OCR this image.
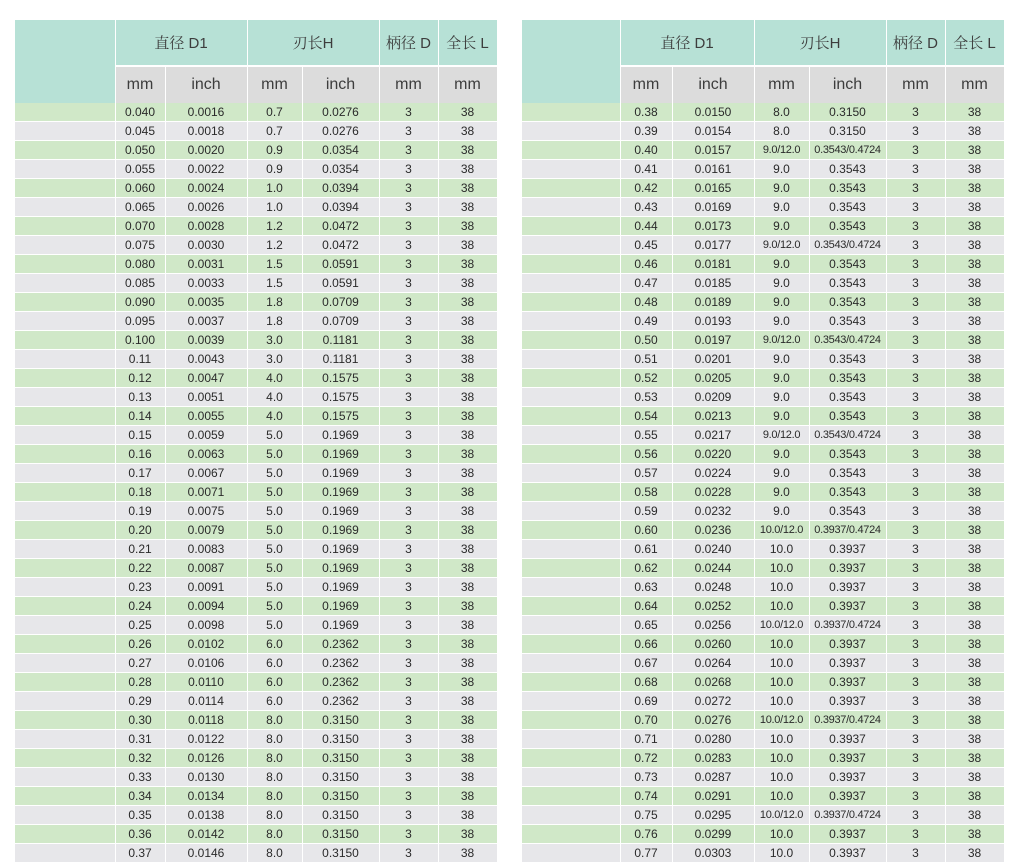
	直径 D1		刃长H		柄径 D	全长 L
	mm	inch	mm	inch	mm	mm
	0.040	0.0016	0.7	0.0276	3	38
	0.045	0.0018	0.7	0.0276	3	38
	0.050	0.0020	0.9	0.0354	3	38
	0.055	0.0022	0.9	0.0354	3	38
	0.060	0.0024	1.0	0.0394	3	38
	0.065	0.0026	1.0	0.0394	3	38
	0.070	0.0028	1.2	0.0472	3	38
	0.075	0.0030	1.2	0.0472	3	38
	0.080	0.0031	1.5	0.0591	3	38
	0.085	0.0033	1.5	0.0591	3	38
	0.090	0.0035	1.8	0.0709	3	38
	0.095	0.0037	1.8	0.0709	3	38
	0.100	0.0039	3.0	0.1181	3	38
	0.11	0.0043	3.0	0.1181	3	38
	0.12	0.0047	4.0	0.1575	3	38
	0.13	0.0051	4.0	0.1575	3	38
	0.14	0.0055	4.0	0.1575	3	38
	0.15	0.0059	5.0	0.1969	3	38
	0.16	0.0063	5.0	0.1969	3	38
	0.17	0.0067	5.0	0.1969	3	38
	0.18	0.0071	5.0	0.1969	3	38
	0.19	0.0075	5.0	0.1969	3	38
	0.20	0.0079	5.0	0.1969	3	38
	0.21	0.0083	5.0	0.1969	3	38
	0.22	0.0087	5.0	0.1969	3	38
	0.23	0.0091	5.0	0.1969	3	38
	0.24	0.0094	5.0	0.1969	3	38
	0.25	0.0098	5.0	0.1969	3	38
	0.26	0.0102	6.0	0.2362	3	38
	0.27	0.0106	6.0	0.2362	3	38
	0.28	0.0110	6.0	0.2362	3	38
	0.29	0.0114	6.0	0.2362	3	38
	0.30	0.0118	8.0	0.3150	3	38
	0.31	0.0122	8.0	0.3150	3	38
	0.32	0.0126	8.0	0.3150	3	38
	0.33	0.0130	8.0	0.3150	3	38
	0.34	0.0134	8.0	0.3150	3	38
	0.35	0.0138	8.0	0.3150	3	38
	0.36	0.0142	8.0	0.3150	3	38
	0.37	0.0146	8.0	0.3150	3	38
	直径 D1		刃长H		柄径 D	全长 L
	mm	inch	mm	inch	mm	mm
	0.38	0.0150	8.0	0.3150	3	38
	0.39	0.0154	8.0	0.3150	3	38
	0.40	0.0157	9.0/12.0	0.3543/0.4724	3	38
	0.41	0.0161	9.0	0.3543	3	38
	0.42	0.0165	9.0	0.3543	3	38
	0.43	0.0169	9.0	0.3543	3	38
	0.44	0.0173	9.0	0.3543	3	38
	0.45	0.0177	9.0/12.0	0.3543/0.4724	3	38
	0.46	0.0181	9.0	0.3543	3	38
	0.47	0.0185	9.0	0.3543	3	38
	0.48	0.0189	9.0	0.3543	3	38
	0.49	0.0193	9.0	0.3543	3	38
	0.50	0.0197	9.0/12.0	0.3543/0.4724	3	38
	0.51	0.0201	9.0	0.3543	3	38
	0.52	0.0205	9.0	0.3543	3	38
	0.53	0.0209	9.0	0.3543	3	38
	0.54	0.0213	9.0	0.3543	3	38
	0.55	0.0217	9.0/12.0	0.3543/0.4724	3	38
	0.56	0.0220	9.0	0.3543	3	38
	0.57	0.0224	9.0	0.3543	3	38
	0.58	0.0228	9.0	0.3543	3	38
	0.59	0.0232	9.0	0.3543	3	38
	0.60	0.0236	10.0/12.0	0.3937/0.4724	3	38
	0.61	0.0240	10.0	0.3937	3	38
	0.62	0.0244	10.0	0.3937	3	38
	0.63	0.0248	10.0	0.3937	3	38
	0.64	0.0252	10.0	0.3937	3	38
	0.65	0.0256	10.0/12.0	0.3937/0.4724	3	38
	0.66	0.0260	10.0	0.3937	3	38
	0.67	0.0264	10.0	0.3937	3	38
	0.68	0.0268	10.0	0.3937	3	38
	0.69	0.0272	10.0	0.3937	3	38
	0.70	0.0276	10.0/12.0	0.3937/0.4724	3	38
	0.71	0.0280	10.0	0.3937	3	38
	0.72	0.0283	10.0	0.3937	3	38
	0.73	0.0287	10.0	0.3937	3	38
	0.74	0.0291	10.0	0.3937	3	38
	0.75	0.0295	10.0/12.0	0.3937/0.4724	3	38
	0.76	0.0299	10.0	0.3937	3	38
	0.77	0.0303	10.0	0.3937	3	38
